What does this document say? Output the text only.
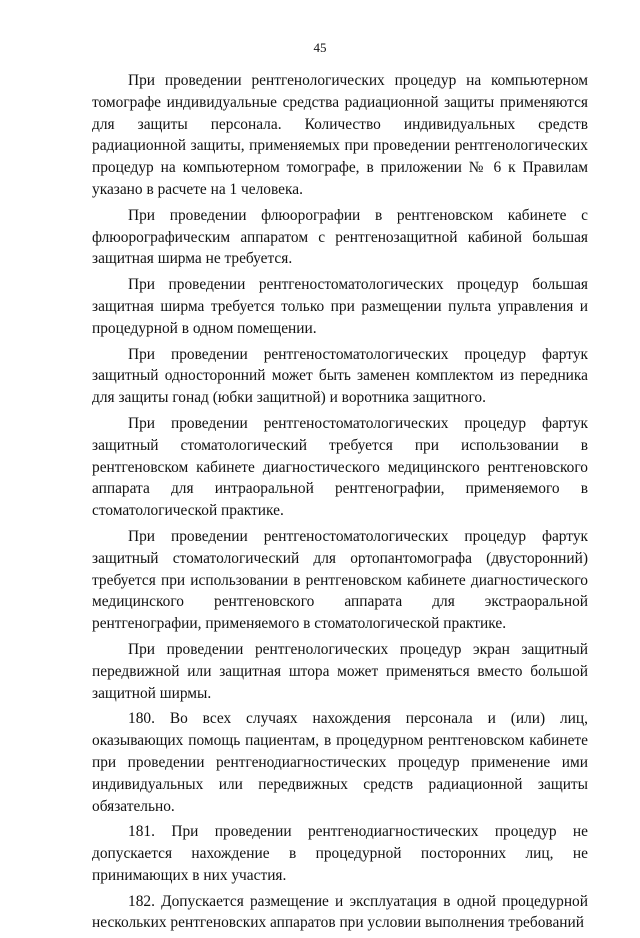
45

При проведении рентгенологических процедур на компьютерном томографе индивидуальные средства радиационной защиты применяются для защиты персонала. Количество индивидуальных средств радиационной защиты, применяемых при проведении рентгенологических процедур на компьютерном томографе, в приложении № 6 к Правилам указано в расчете на 1 человека.

При проведении флюорографии в рентгеновском кабинете с флюорографическим аппаратом с рентгенозащитной кабиной большая защитная ширма не требуется.

При проведении рентгеностоматологических процедур большая защитная ширма требуется только при размещении пульта управления и процедурной в одном помещении.

При проведении рентгеностоматологических процедур фартук защитный односторонний может быть заменен комплектом из передника для защиты гонад (юбки защитной) и воротника защитного.

При проведении рентгеностоматологических процедур фартук защитный стоматологический требуется при использовании в рентгеновском кабинете диагностического медицинского рентгеновского аппарата для интраоральной рентгенографии, применяемого в стоматологической практике.

При проведении рентгеностоматологических процедур фартук защитный стоматологический для ортопантомографа (двусторонний) требуется при использовании в рентгеновском кабинете диагностического медицинского рентгеновского аппарата для экстраоральной рентгенографии, применяемого в стоматологической практике.

При проведении рентгенологических процедур экран защитный передвижной или защитная штора может применяться вместо большой защитной ширмы.

180. Во всех случаях нахождения персонала и (или) лиц, оказывающих помощь пациентам, в процедурном рентгеновском кабинете при проведении рентгенодиагностических процедур применение ими индивидуальных или передвижных средств радиационной защиты обязательно.

181. При проведении рентгенодиагностических процедур не допускается нахождение в процедурной посторонних лиц, не принимающих в них участия.

182. Допускается размещение и эксплуатация в одной процедурной нескольких рентгеновских аппаратов при условии выполнения требований
